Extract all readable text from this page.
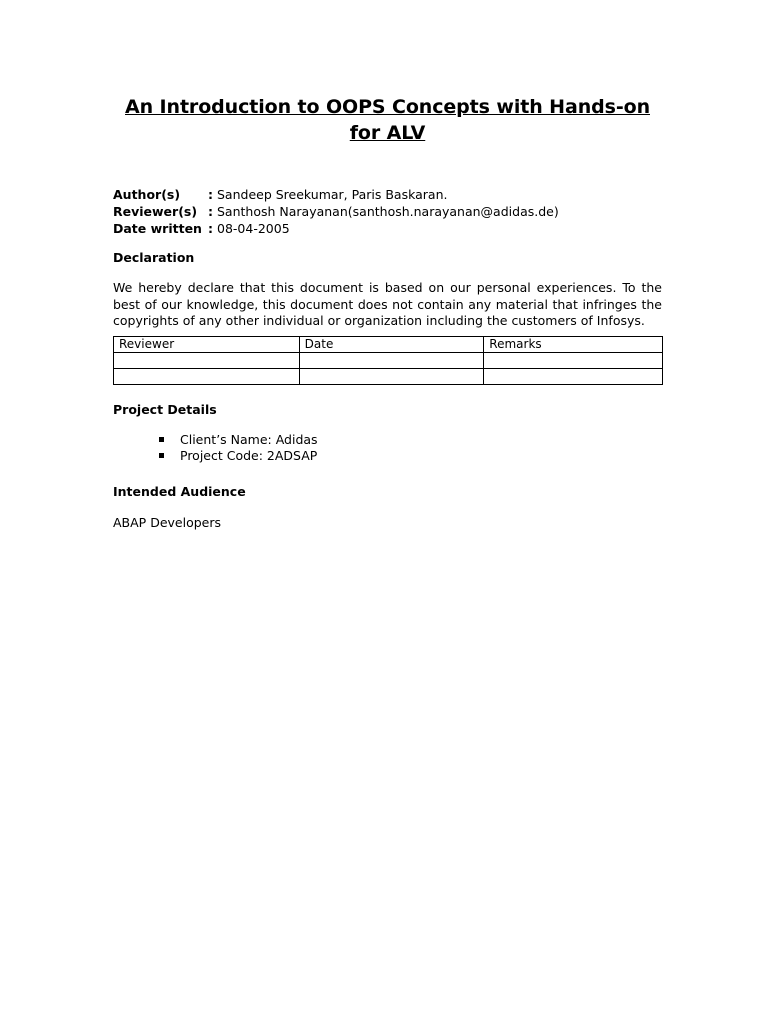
An Introduction to OOPS Concepts with Hands-on for ALV
Author(s)	: Sandeep Sreekumar, Paris Baskaran.
Reviewer(s) : Santhosh Narayanan(santhosh.narayanan@adidas.de)
Date written : 08-04-2005

Declaration

We hereby declare that this document is based on our personal experiences. To the best of our knowledge, this document does not contain any material that infringes the copyrights of any other individual or organization including the customers of Infosys.

Reviewer	Date	Remarks

Project Details

Client’s Name: Adidas
Project Code: 2ADSAP

Intended Audience

ABAP Developers
